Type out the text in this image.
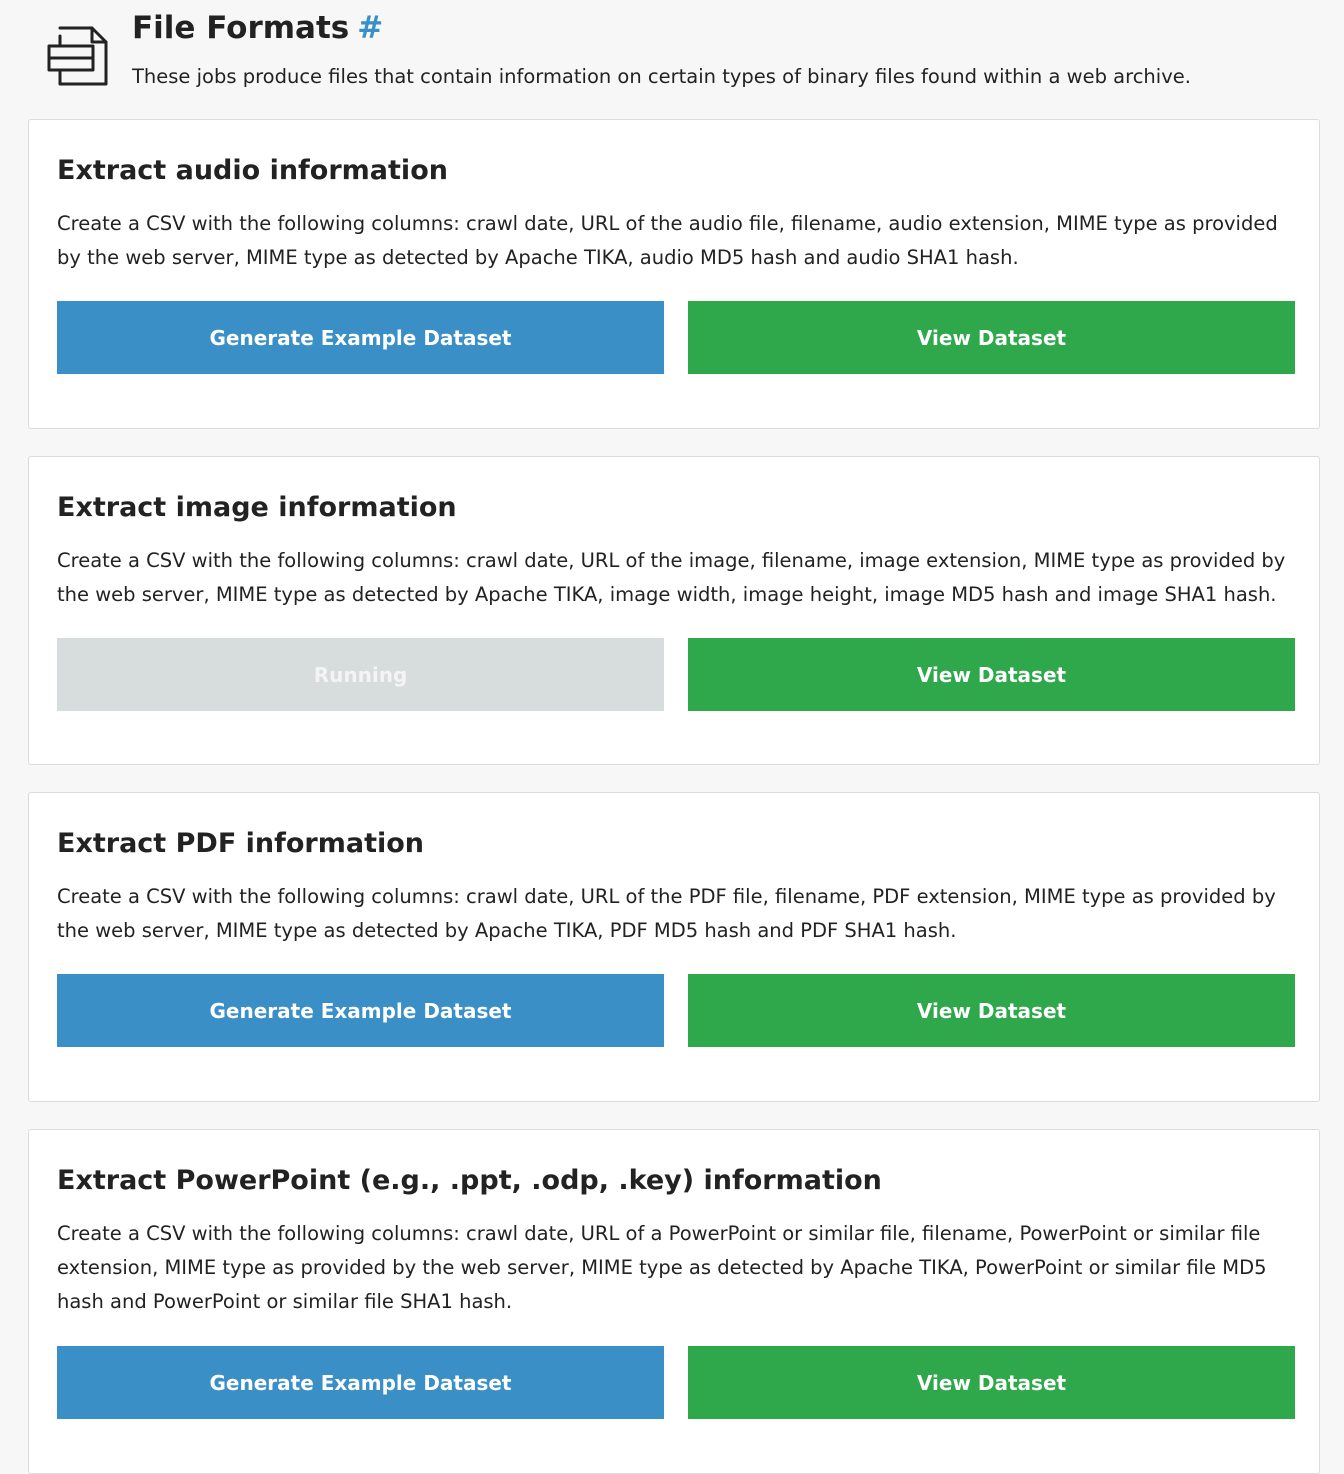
File Formats #

These jobs produce files that contain information on certain types of binary files found within a web archive.

Extract audio information

Create a CSV with the following columns: crawl date, URL of the audio file, filename, audio extension, MIME type as provided by the web server, MIME type as detected by Apache TIKA, audio MD5 hash and audio SHA1 hash.

Generate Example Dataset	View Dataset
Extract image information

Create a CSV with the following columns: crawl date, URL of the image, filename, image extension, MIME type as provided by the web server, MIME type as detected by Apache TIKA, image width, image height, image MD5 hash and image SHA1 hash.

Running	View Dataset
Extract PDF information

Create a CSV with the following columns: crawl date, URL of the PDF file, filename, PDF extension, MIME type as provided by the web server, MIME type as detected by Apache TIKA, PDF MD5 hash and PDF SHA1 hash.

Generate Example Dataset	View Dataset
Extract PowerPoint (e.g., .ppt, .odp, .key) information

Create a CSV with the following columns: crawl date, URL of a PowerPoint or similar file, filename, PowerPoint or similar file extension, MIME type as provided by the web server, MIME type as detected by Apache TIKA, PowerPoint or similar file MD5 hash and PowerPoint or similar file SHA1 hash.

Generate Example Dataset	View Dataset
